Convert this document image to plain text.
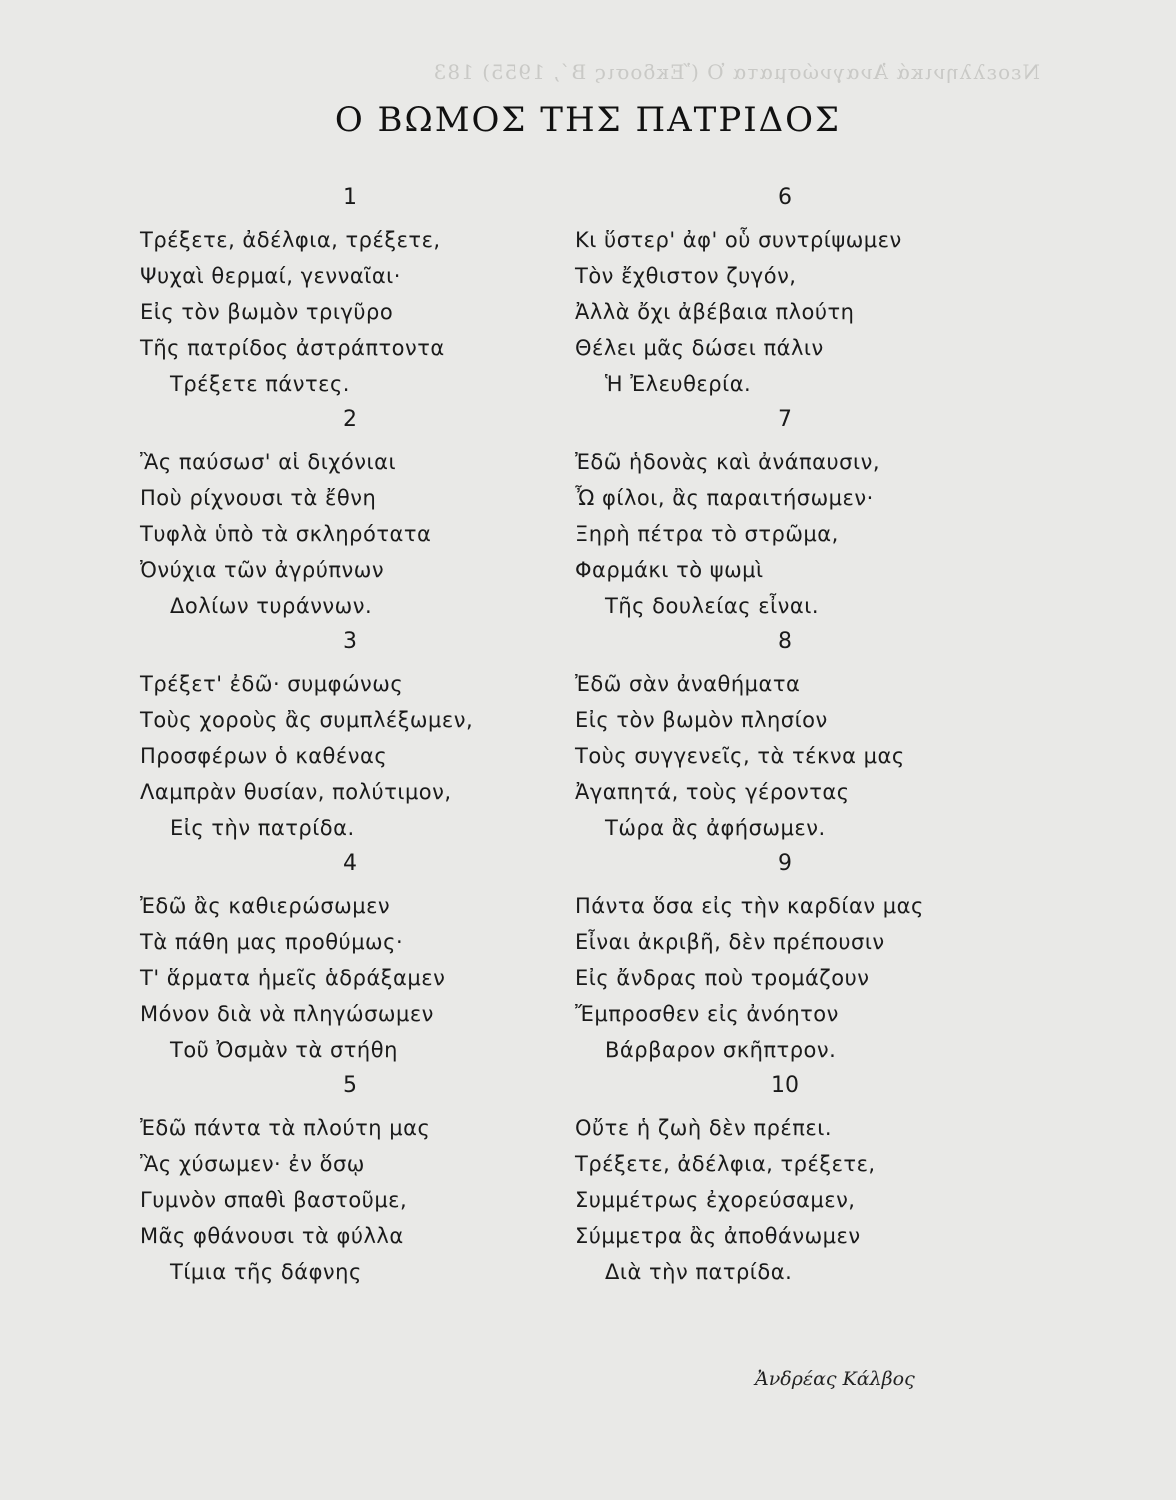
Νεοελληνικά Ἀναγνώσματα Ὁ (Ἔκδοσις Β΄, 1955) 183
Ο ΒΩΜΟΣ ΤΗΣ ΠΑΤΡΙΔΟΣ
1
Τρέξετε, ἀδέλφια, τρέξετε,
Ψυχαὶ θερμαί, γενναῖαι·
Εἰς τὸν βωμὸν τριγῦρο
Τῆς πατρίδος ἀστράπτοντα
Τρέξετε πάντες.
2
Ἂς παύσωσ' αἱ διχόνιαι
Ποὺ ρίχνουσι τὰ ἔθνη
Τυφλὰ ὑπὸ τὰ σκληρότατα
Ὀνύχια τῶν ἀγρύπνων
Δολίων τυράννων.
3
Τρέξετ' ἐδῶ· συμφώνως
Τοὺς χοροὺς ἂς συμπλέξωμεν,
Προσφέρων ὁ καθένας
Λαμπρὰν θυσίαν, πολύτιμον,
Εἰς τὴν πατρίδα.
4
Ἐδῶ ἂς καθιερώσωμεν
Τὰ πάθη μας προθύμως·
Τ' ἅρματα ἡμεῖς ἁδράξαμεν
Μόνον διὰ νὰ πληγώσωμεν
Τοῦ Ὀσμὰν τὰ στήθη
5
Ἐδῶ πάντα τὰ πλούτη μας
Ἂς χύσωμεν· ἐν ὅσῳ
Γυμνὸν σπαθὶ βαστοῦμε,
Μᾶς φθάνουσι τὰ φύλλα
Τίμια τῆς δάφνης
6
Κι ὕστερ' ἀφ' οὗ συντρίψωμεν
Τὸν ἔχθιστον ζυγόν,
Ἀλλὰ ὄχι ἀβέβαια πλούτη
Θέλει μᾶς δώσει πάλιν
Ἡ Ἐλευθερία.
7
Ἐδῶ ἡδονὰς καὶ ἀνάπαυσιν,
Ὦ φίλοι, ἂς παραιτήσωμεν·
Ξηρὴ πέτρα τὸ στρῶμα,
Φαρμάκι τὸ ψωμὶ
Τῆς δουλείας εἶναι.
8
Ἐδῶ σὰν ἀναθήματα
Εἰς τὸν βωμὸν πλησίον
Τοὺς συγγενεῖς, τὰ τέκνα μας
Ἀγαπητά, τοὺς γέροντας
Τώρα ἂς ἀφήσωμεν.
9
Πάντα ὅσα εἰς τὴν καρδίαν μας
Εἶναι ἀκριβῆ, δὲν πρέπουσιν
Εἰς ἄνδρας ποὺ τρομάζουν
Ἔμπροσθεν εἰς ἀνόητον
Βάρβαρον σκῆπτρον.
10
Οὔτε ἡ ζωὴ δὲν πρέπει.
Τρέξετε, ἀδέλφια, τρέξετε,
Συμμέτρως ἐχορεύσαμεν,
Σύμμετρα ἂς ἀποθάνωμεν
Διὰ τὴν πατρίδα.
Ἀνδρέας Κάλβος
